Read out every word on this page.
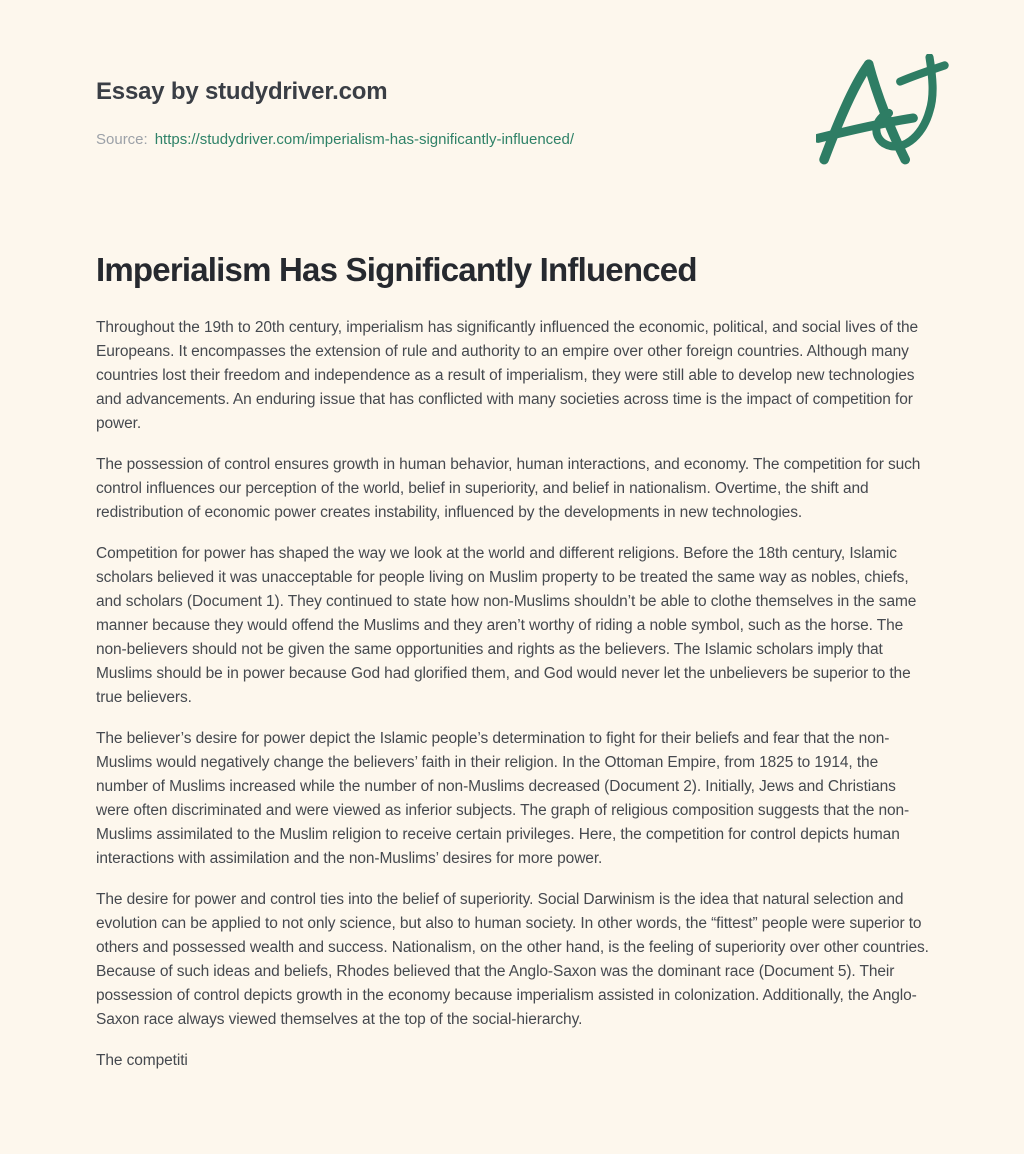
Essay by studydriver.com
Source: https://studydriver.com/imperialism-has-significantly-influenced/
Imperialism Has Significantly Influenced

Throughout the 19th to 20th century, imperialism has significantly influenced the economic, political, and social lives of the Europeans. It encompasses the extension of rule and authority to an empire over other foreign countries. Although many countries lost their freedom and independence as a result of imperialism, they were still able to develop new technologies and advancements. An enduring issue that has conflicted with many societies across time is the impact of competition for power.

The possession of control ensures growth in human behavior, human interactions, and economy. The competition for such control influences our perception of the world, belief in superiority, and belief in nationalism. Overtime, the shift and redistribution of economic power creates instability, influenced by the developments in new technologies.

Competition for power has shaped the way we look at the world and different religions. Before the 18th century, Islamic scholars believed it was unacceptable for people living on Muslim property to be treated the same way as nobles, chiefs, and scholars (Document 1). They continued to state how non-Muslims shouldn’t be able to clothe themselves in the same manner because they would offend the Muslims and they aren’t worthy of riding a noble symbol, such as the horse. The non-believers should not be given the same opportunities and rights as the believers. The Islamic scholars imply that Muslims should be in power because God had glorified them, and God would never let the unbelievers be superior to the true believers.

The believer’s desire for power depict the Islamic people’s determination to fight for their beliefs and fear that the non-Muslims would negatively change the believers’ faith in their religion. In the Ottoman Empire, from 1825 to 1914, the number of Muslims increased while the number of non-Muslims decreased (Document 2). Initially, Jews and Christians were often discriminated and were viewed as inferior subjects. The graph of religious composition suggests that the non-Muslims assimilated to the Muslim religion to receive certain privileges. Here, the competition for control depicts human interactions with assimilation and the non-Muslims’ desires for more power.

The desire for power and control ties into the belief of superiority. Social Darwinism is the idea that natural selection and evolution can be applied to not only science, but also to human society. In other words, the “fittest” people were superior to others and possessed wealth and success. Nationalism, on the other hand, is the feeling of superiority over other countries. Because of such ideas and beliefs, Rhodes believed that the Anglo-Saxon was the dominant race (Document 5). Their possession of control depicts growth in the economy because imperialism assisted in colonization. Additionally, the Anglo-Saxon race always viewed themselves at the top of the social-hierarchy.

The competiti
